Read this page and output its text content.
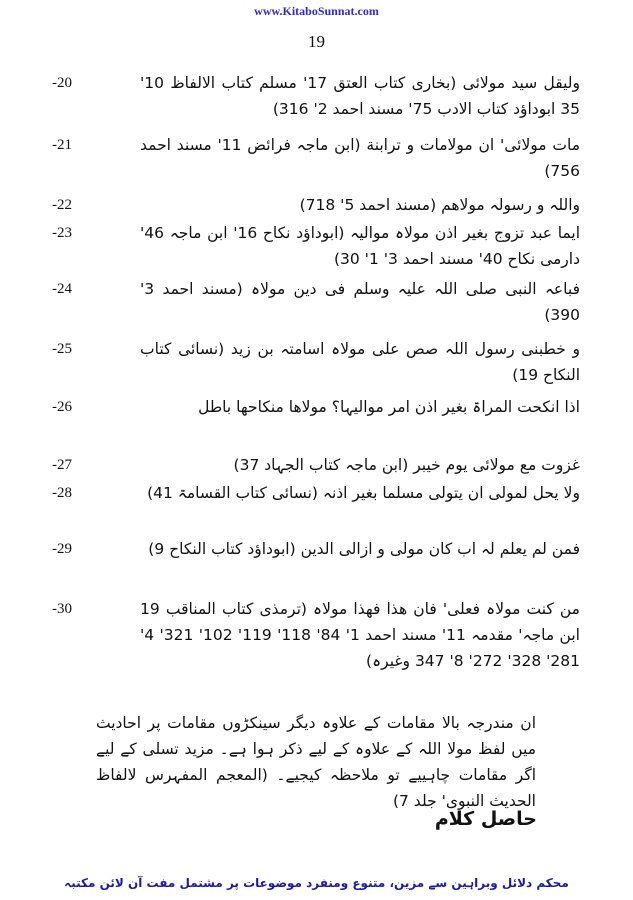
www.KitaboSunnat.com
19
-20	ولیقل سید مولائی (بخاری کتاب العتق 17' مسلم کتاب الالفاظ 10' 35 ابوداؤد کتاب الادب 75' مسند احمد 2' 316)
-21	مات مولائی' ان مولامات و ترابنة (ابن ماجہ فرائض 11' مسند احمد 756)
-22	واللہ و رسولہ مولاھم (مسند احمد 5' 718)
-23	ایما عبد تزوج بغیر اذن مولاہ موالیہ (ابوداؤد نکاح 16' ابن ماجہ 46' دارمی نکاح 40' مسند احمد 3' 1' 30)
-24	فباعہ النبی صلی اللہ علیہ وسلم فی دین مولاہ (مسند احمد 3' 390)
-25	و خطبنی رسول اللہ صص علی مولاہ اسامتہ بن زید (نسائی کتاب النکاح 19)
-26	اذا انکحت المراۃ بغیر اذن امر موالیہا؟ مولاھا منکاحھا باطل
-27	غزوت مع مولائی یوم خیبر (ابن ماجہ کتاب الجہاد 37)
-28	ولا یحل لمولی ان یتولی مسلما بغیر اذنہ (نسائی کتاب القسامۃ 41)
-29	فمن لم یعلم لہ اب کان مولی و ازالی الدین (ابوداؤد کتاب النکاح 9)
-30	من کنت مولاہ فعلی' فان ھذا فھذا مولاہ (ترمذی کتاب المناقب 19 ابن ماجہ' مقدمہ 11' مسند احمد 1' 84' 118' 119' 102' 321' 4' 281' 328' 272' 8' 347 وغیرہ)

ان مندرجہ بالا مقامات کے علاوہ دیگر سینکڑوں مقامات پر احادیث میں لفظ مولا اللہ کے علاوہ کے لیے ذکر ہوا ہے۔ مزید تسلی کے لیے اگر مقامات چاہییے تو ملاحظہ کیجیے۔ (المعجم المفہرس لالفاظ الحدیث النبوی' جلد 7)

حاصل کلام
محکم دلائل وبراہین سے مزین، متنوع ومنفرد موضوعات پر مشتمل مفت آن لائن مکتبہ
